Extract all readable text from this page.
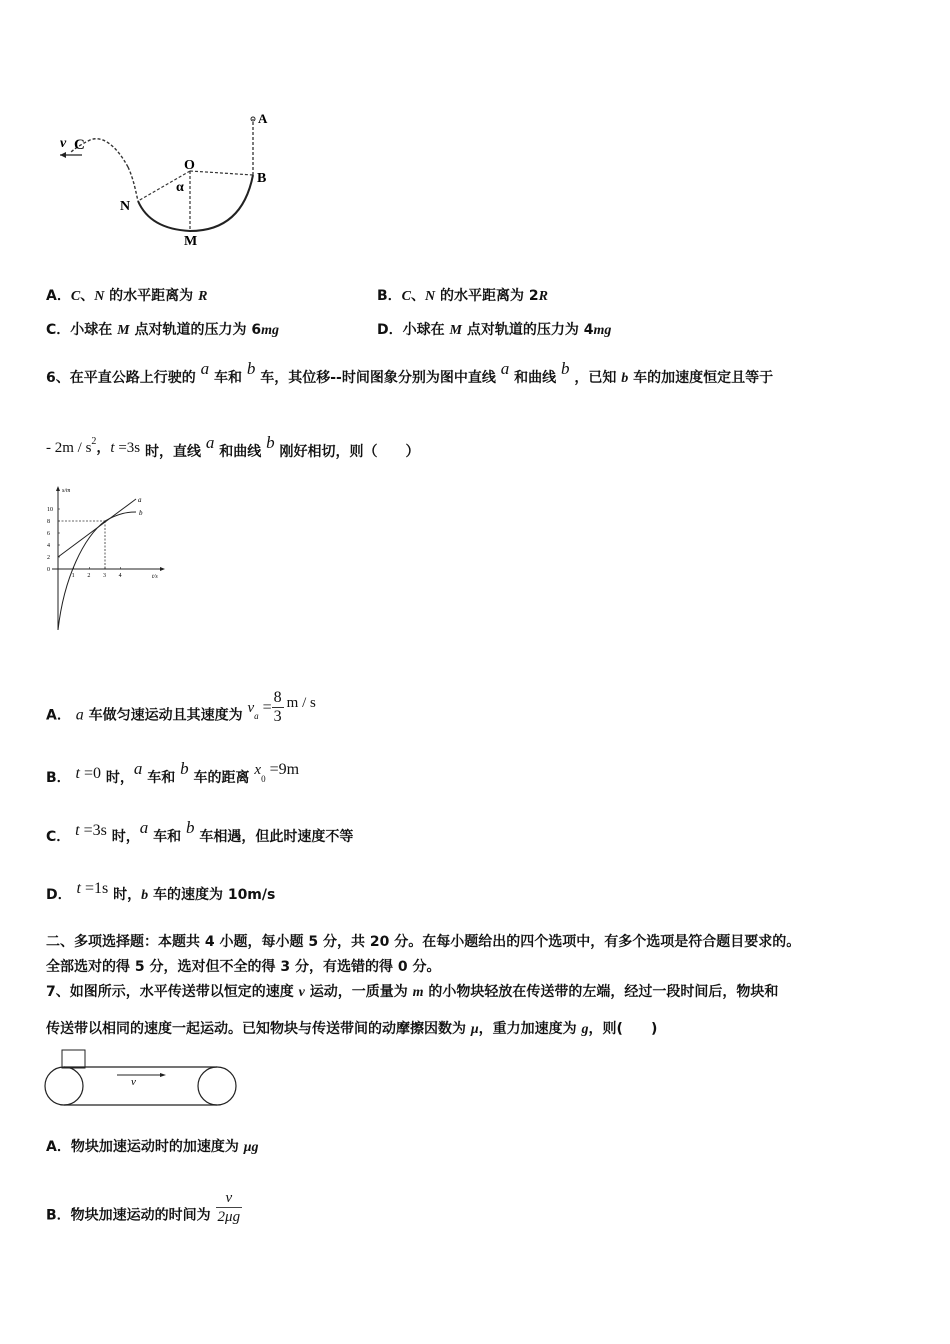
v C
A
O
α
B
N
M
A．C、N 的水平距离为 R	B．C、N 的水平距离为 2R
C．小球在 M 点对轨道的压力为 6mg	D．小球在 M 点对轨道的压力为 4mg
6、在平直公路上行驶的 a 车和 b 车，其位移--时间图象分别为图中直线 a 和曲线 b ，已知 b 车的加速度恒定且等于
- $2m / s^2$，t =3s 时，直线 a 和曲线 b 刚好相切，则（　　）
s/m
t/s
10
8
6
4
2
0
1 2 3 4
a
b
A． a 车做匀速运动且其速度为 $v_a = \frac{8}{3}$ m / s
B． t =0 时，a 车和 b 车的距离 $x_0 =9m$
C． t =3s 时，a 车和 b 车相遇，但此时速度不等
D． t =1s 时，b 车的速度为 10m/s
二、多项选择题：本题共 4 小题，每小题 5 分，共 20 分。在每小题给出的四个选项中，有多个选项是符合题目要求的。
全部选对的得 5 分，选对但不全的得 3 分，有选错的得 0 分。
7、如图所示，水平传送带以恒定的速度 v 运动，一质量为 m 的小物块轻放在传送带的左端，经过一段时间后，物块和
传送带以相同的速度一起运动。已知物块与传送带间的动摩擦因数为 μ，重力加速度为 g，则(　　)
v
A．物块加速运动时的加速度为 μg
B．物块加速运动的时间为 $\frac{v}{2\mu g}$
